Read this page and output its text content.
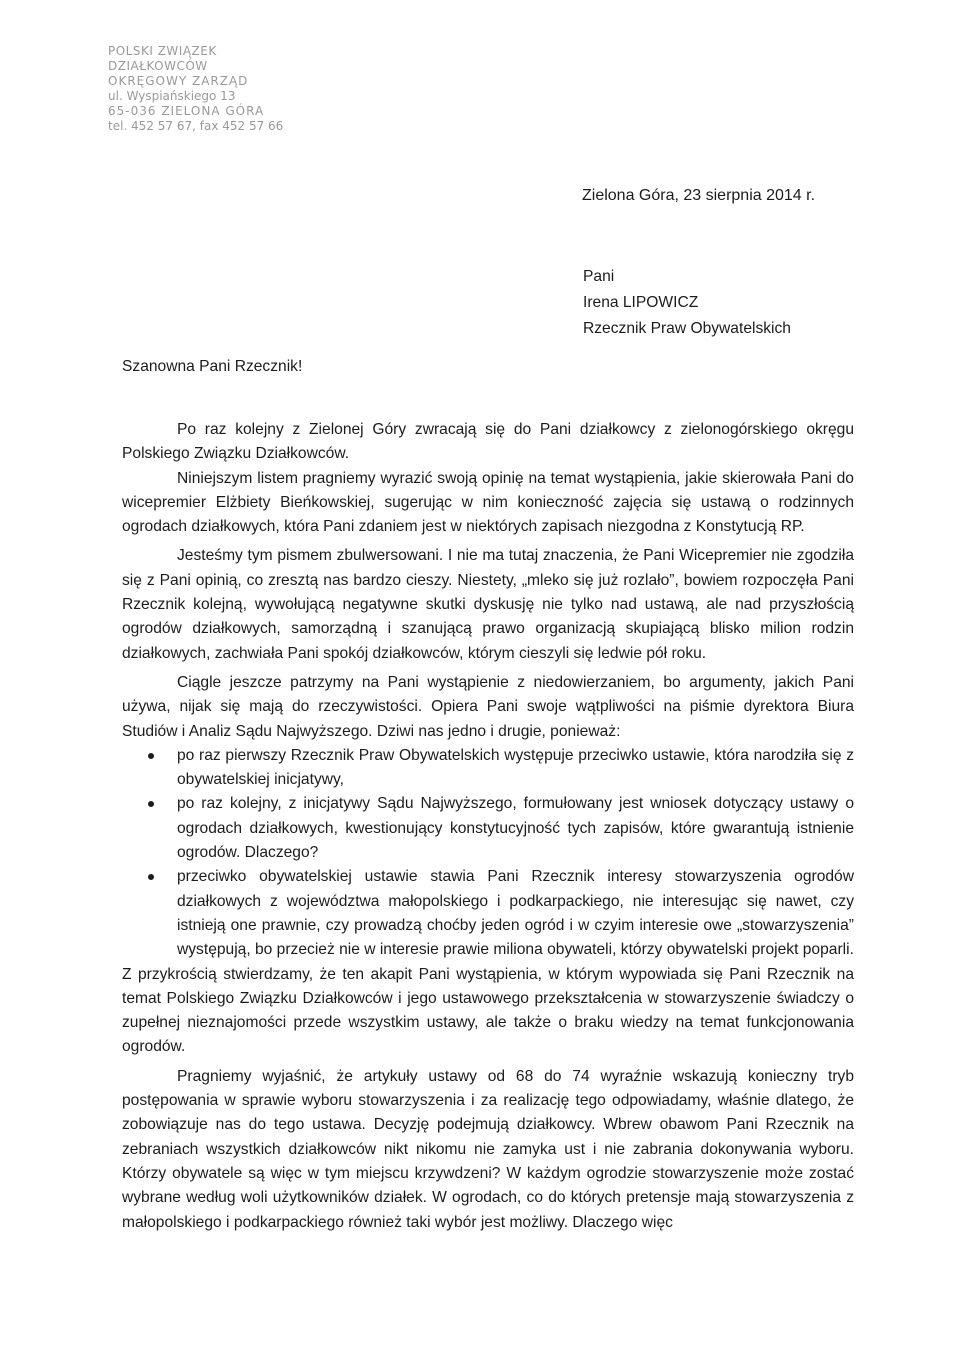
POLSKI ZWIĄZEK DZIAŁKOWCÓW
OKRĘGOWY ZARZĄD
ul. Wyspiańskiego 13
65-036 ZIELONA GÓRA
tel. 452 57 67, fax 452 57 66
Zielona Góra, 23 sierpnia 2014 r.
Pani
Irena LIPOWICZ
Rzecznik Praw Obywatelskich
Szanowna Pani Rzecznik!

Po raz kolejny z Zielonej Góry zwracają się do Pani działkowcy z zielonogórskiego okręgu Polskiego Związku Działkowców.

Niniejszym listem pragniemy wyrazić swoją opinię na temat wystąpienia, jakie skierowała Pani do wicepremier Elżbiety Bieńkowskiej, sugerując w nim konieczność zajęcia się ustawą o rodzinnych ogrodach działkowych, która Pani zdaniem jest w niektórych zapisach niezgodna z Konstytucją RP.

Jesteśmy tym pismem zbulwersowani. I nie ma tutaj znaczenia, że Pani Wicepremier nie zgodziła się z Pani opinią, co zresztą nas bardzo cieszy. Niestety, „mleko się już rozlało”, bowiem rozpoczęła Pani Rzecznik kolejną, wywołującą negatywne skutki dyskusję nie tylko nad ustawą, ale nad przyszłością ogrodów działkowych, samorządną i szanującą prawo organizacją skupiającą blisko milion rodzin działkowych, zachwiała Pani spokój działkowców, którym cieszyli się ledwie pół roku.

Ciągle jeszcze patrzymy na Pani wystąpienie z niedowierzaniem, bo argumenty, jakich Pani używa, nijak się mają do rzeczywistości. Opiera Pani swoje wątpliwości na piśmie dyrektora Biura Studiów i Analiz Sądu Najwyższego. Dziwi nas jedno i drugie, ponieważ:

po raz pierwszy Rzecznik Praw Obywatelskich występuje przeciwko ustawie, która narodziła się z obywatelskiej inicjatywy,
po raz kolejny, z inicjatywy Sądu Najwyższego, formułowany jest wniosek dotyczący ustawy o ogrodach działkowych, kwestionujący konstytucyjność tych zapisów, które gwarantują istnienie ogrodów. Dlaczego?
przeciwko obywatelskiej ustawie stawia Pani Rzecznik interesy stowarzyszenia ogrodów działkowych z województwa małopolskiego i podkarpackiego, nie interesując się nawet, czy istnieją one prawnie, czy prowadzą choćby jeden ogród i w czyim interesie owe „stowarzyszenia” występują, bo przecież nie w interesie prawie miliona obywateli, którzy obywatelski projekt poparli.

Z przykrością stwierdzamy, że ten akapit Pani wystąpienia, w którym wypowiada się Pani Rzecznik na temat Polskiego Związku Działkowców i jego ustawowego przekształcenia w stowarzyszenie świadczy o zupełnej nieznajomości przede wszystkim ustawy, ale także o braku wiedzy na temat funkcjonowania ogrodów.

Pragniemy wyjaśnić, że artykuły ustawy od 68 do 74 wyraźnie wskazują konieczny tryb postępowania w sprawie wyboru stowarzyszenia i za realizację tego odpowiadamy, właśnie dlatego, że zobowiązuje nas do tego ustawa. Decyzję podejmują działkowcy. Wbrew obawom Pani Rzecznik na zebraniach wszystkich działkowców nikt nikomu nie zamyka ust i nie zabrania dokonywania wyboru. Którzy obywatele są więc w tym miejscu krzywdzeni? W każdym ogrodzie stowarzyszenie może zostać wybrane według woli użytkowników działek. W ogrodach, co do których pretensje mają stowarzyszenia z małopolskiego i podkarpackiego również taki wybór jest możliwy. Dlaczego więc
